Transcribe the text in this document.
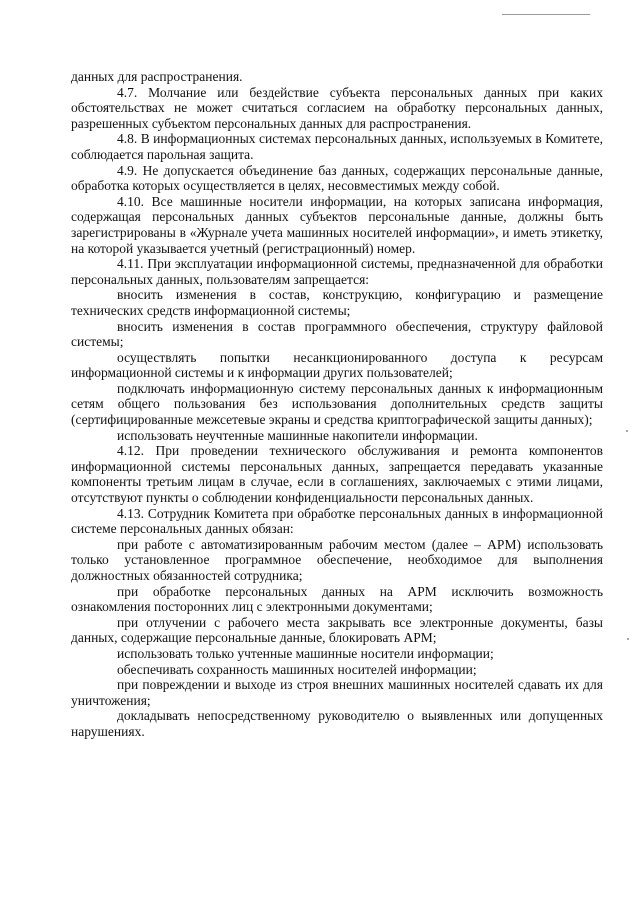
данных для распространения.

4.7. Молчание или бездействие субъекта персональных данных при каких обстоятельствах не может считаться согласием на обработку персональных данных, разрешенных субъектом персональных данных для распространения.

4.8. В информационных системах персональных данных, используемых в Комитете, соблюдается парольная защита.

4.9. Не допускается объединение баз данных, содержащих персональные данные, обработка которых осуществляется в целях, несовместимых между собой.

4.10. Все машинные носители информации, на которых записана информация, содержащая персональных данных субъектов персональные данные, должны быть зарегистрированы в «Журнале учета машинных носителей информации», и иметь этикетку, на которой указывается учетный (регистрационный) номер.

4.11. При эксплуатации информационной системы, предназначенной для обработки персональных данных, пользователям запрещается:

вносить изменения в состав, конструкцию, конфигурацию и размещение технических средств информационной системы;

вносить изменения в состав программного обеспечения, структуру файловой системы;

осуществлять попытки несанкционированного доступа к ресурсам информационной системы и к информации других пользователей;

подключать информационную систему персональных данных к информационным сетям общего пользования без использования дополнительных средств защиты (сертифицированные межсетевые экраны и средства криптографической защиты данных);

использовать неучтенные машинные накопители информации.

4.12. При проведении технического обслуживания и ремонта компонентов информационной системы персональных данных, запрещается передавать указанные компоненты третьим лицам в случае, если в соглашениях, заключаемых с этими лицами, отсутствуют пункты о соблюдении конфиденциальности персональных данных.

4.13. Сотрудник Комитета при обработке персональных данных в информационной системе персональных данных обязан:

при работе с автоматизированным рабочим местом (далее – АРМ) использовать только установленное программное обеспечение, необходимое для выполнения должностных обязанностей сотрудника;

при обработке персональных данных на АРМ исключить возможность ознакомления посторонних лиц с электронными документами;

при отлучении с рабочего места закрывать все электронные документы, базы данных, содержащие персональные данные, блокировать АРМ;

использовать только учтенные машинные носители информации;

обеспечивать сохранность машинных носителей информации;

при повреждении и выходе из строя внешних машинных носителей сдавать их для уничтожения;

докладывать непосредственному руководителю о выявленных или допущенных нарушениях.
